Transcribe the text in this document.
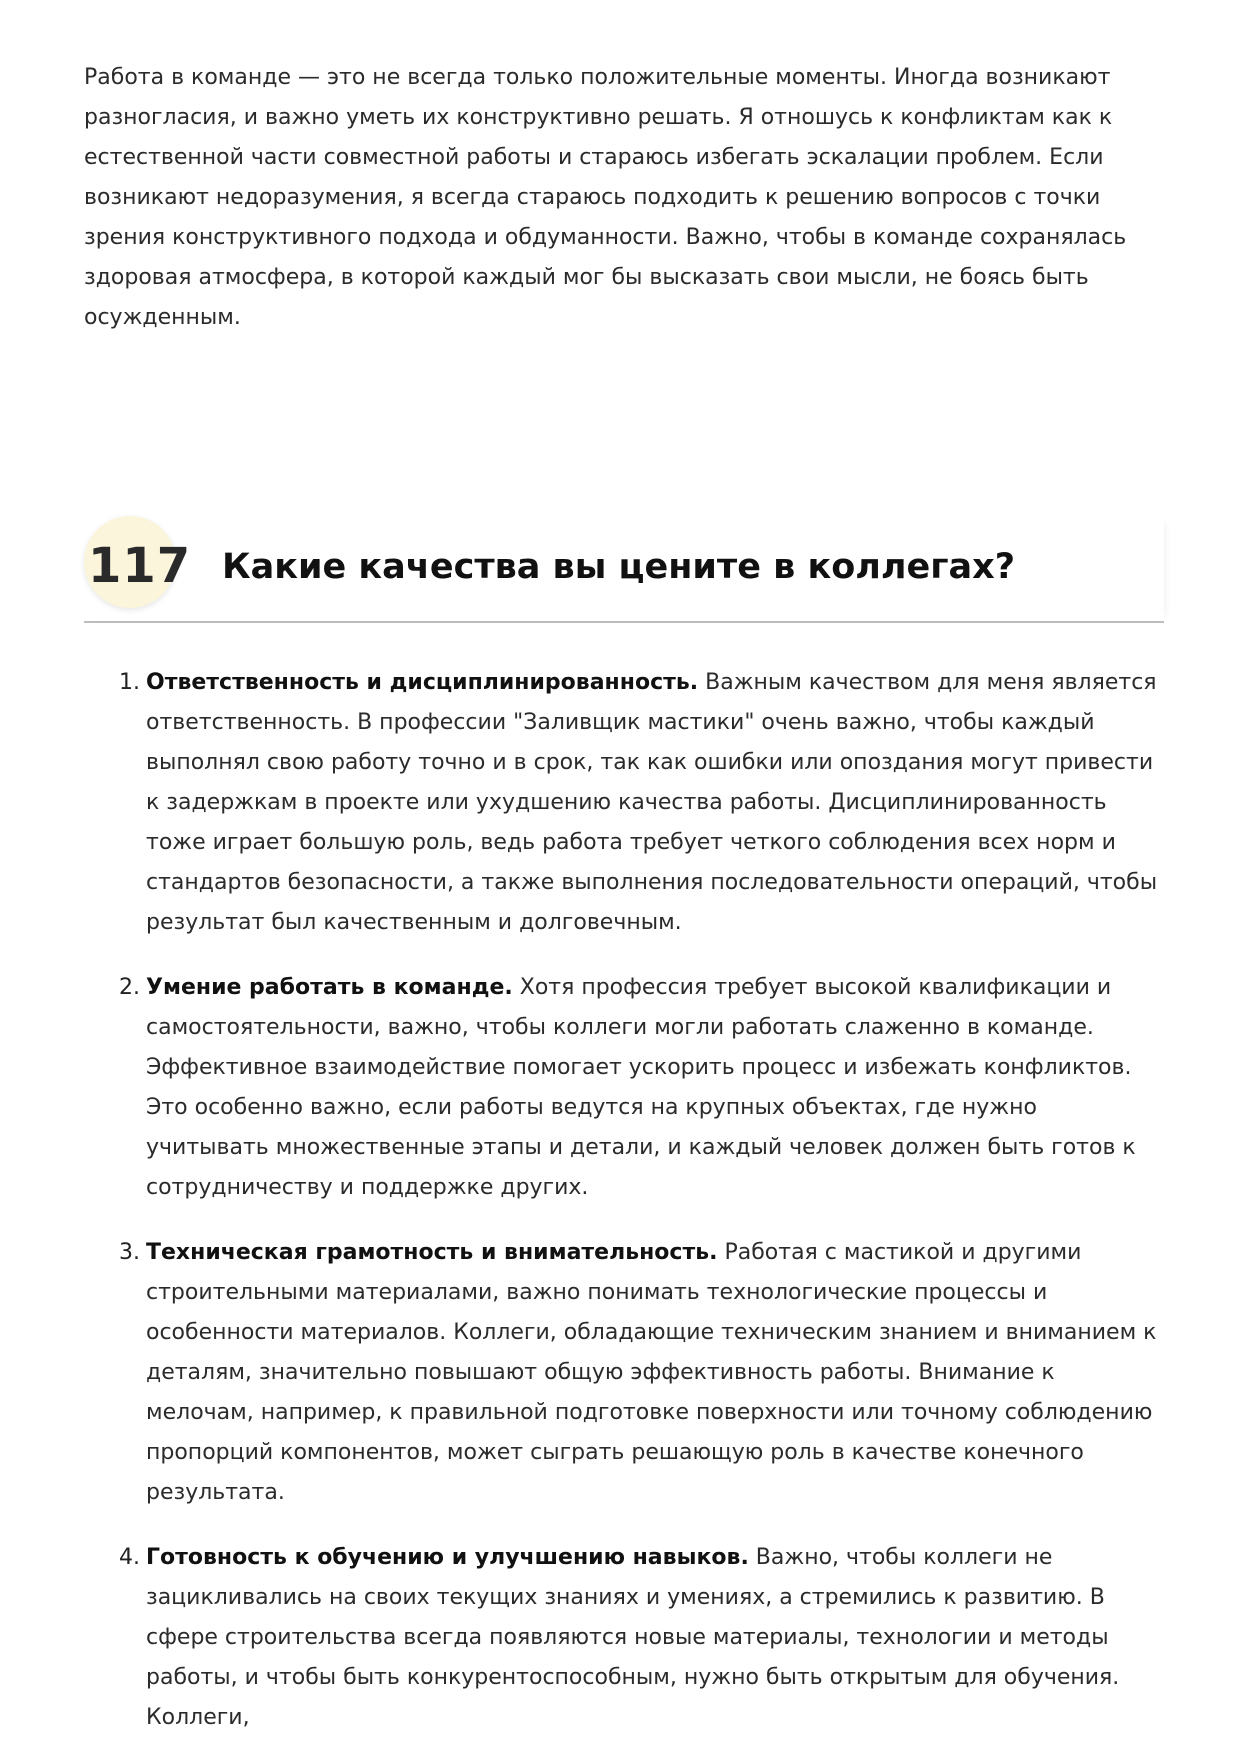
Работа в команде — это не всегда только положительные моменты. Иногда возникают разногласия, и важно уметь их конструктивно решать. Я отношусь к конфликтам как к естественной части совместной работы и стараюсь избегать эскалации проблем. Если возникают недоразумения, я всегда стараюсь подходить к решению вопросов с точки зрения конструктивного подхода и обдуманности. Важно, чтобы в команде сохранялась здоровая атмосфера, в которой каждый мог бы высказать свои мысли, не боясь быть осужденным.

117 Какие качества вы цените в коллегах?
1. Ответственность и дисциплинированность. Важным качеством для меня является ответственность. В профессии "Заливщик мастики" очень важно, чтобы каждый выполнял свою работу точно и в срок, так как ошибки или опоздания могут привести к задержкам в проекте или ухудшению качества работы. Дисциплинированность тоже играет большую роль, ведь работа требует четкого соблюдения всех норм и стандартов безопасности, а также выполнения последовательности операций, чтобы результат был качественным и долговечным.
2. Умение работать в команде. Хотя профессия требует высокой квалификации и самостоятельности, важно, чтобы коллеги могли работать слаженно в команде. Эффективное взаимодействие помогает ускорить процесс и избежать конфликтов. Это особенно важно, если работы ведутся на крупных объектах, где нужно учитывать множественные этапы и детали, и каждый человек должен быть готов к сотрудничеству и поддержке других.
3. Техническая грамотность и внимательность. Работая с мастикой и другими строительными материалами, важно понимать технологические процессы и особенности материалов. Коллеги, обладающие техническим знанием и вниманием к деталям, значительно повышают общую эффективность работы. Внимание к мелочам, например, к правильной подготовке поверхности или точному соблюдению пропорций компонентов, может сыграть решающую роль в качестве конечного результата.
4. Готовность к обучению и улучшению навыков. Важно, чтобы коллеги не зацикливались на своих текущих знаниях и умениях, а стремились к развитию. В сфере строительства всегда появляются новые материалы, технологии и методы работы, и чтобы быть конкурентоспособным, нужно быть открытым для обучения. Коллеги,
